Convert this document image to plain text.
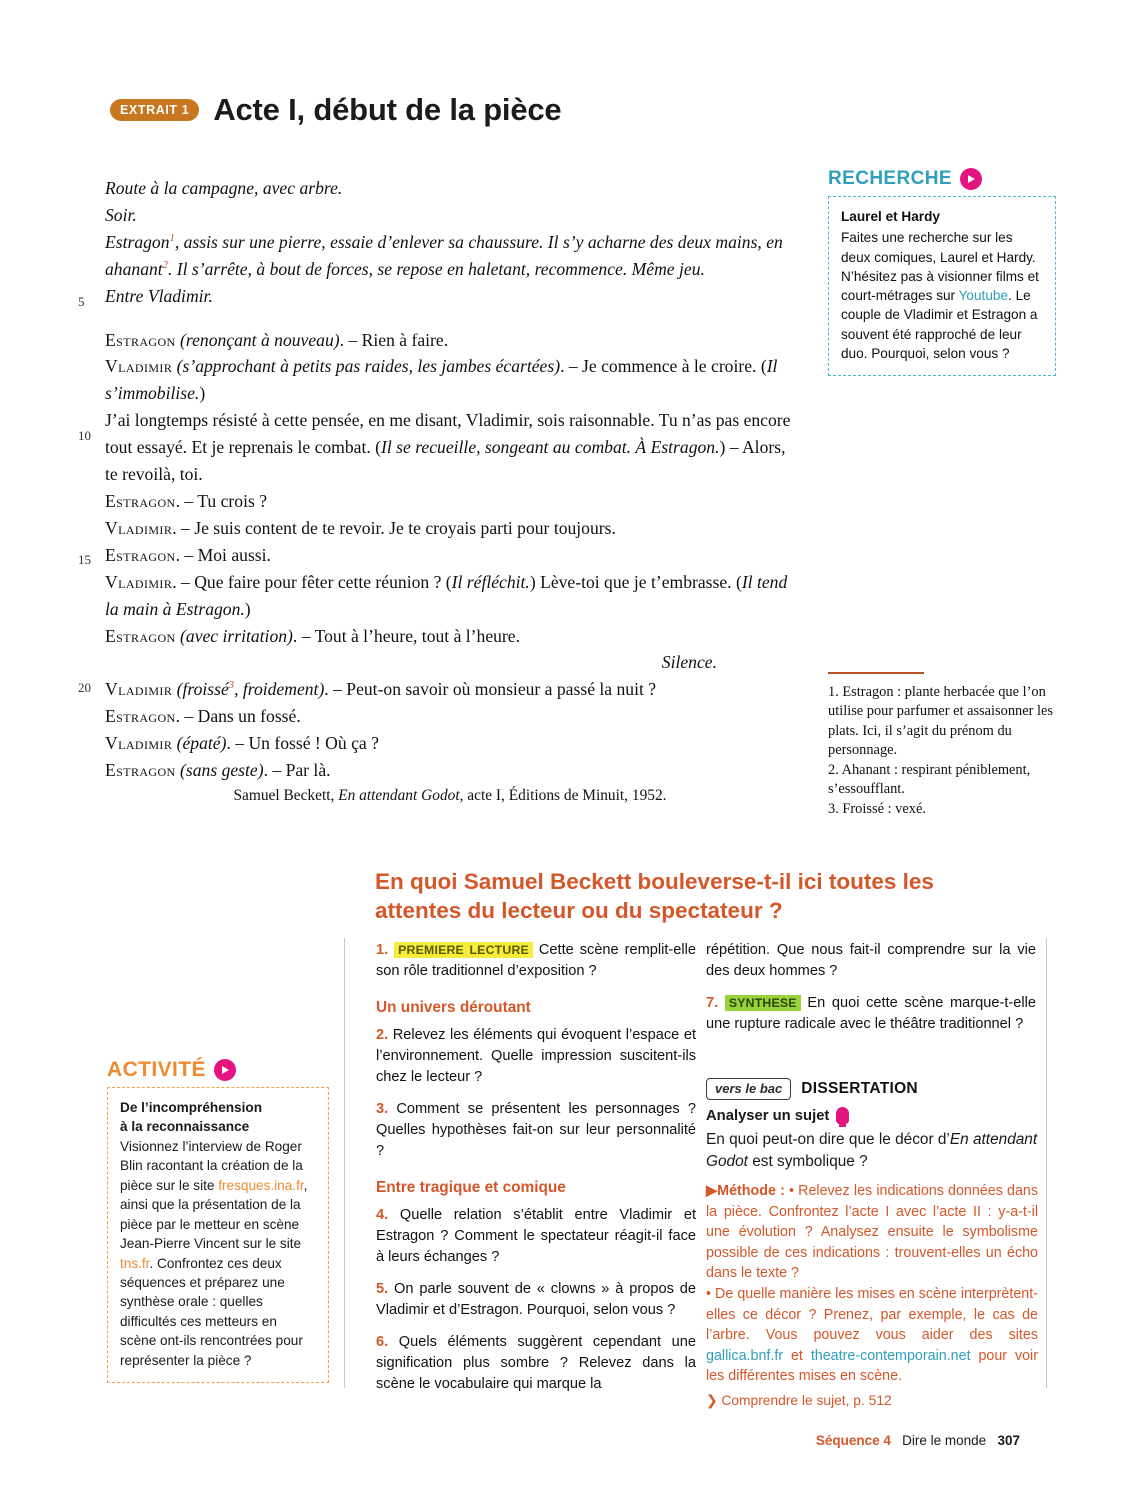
EXTRAIT 1 Acte I, début de la pièce
5
10
15
20

Route à la campagne, avec arbre.

Soir.

Estragon$^1$, assis sur une pierre, essaie d’enlever sa chaussure. Il s’y acharne des deux mains, en ahanant$^2$. Il s’arrête, à bout de forces, se repose en haletant, recommence. Même jeu.

Entre Vladimir.

Estragon (renonçant à nouveau). – Rien à faire.

Vladimir (s’approchant à petits pas raides, les jambes écartées). – Je commence à le croire. (Il s’immobilise.)

J’ai longtemps résisté à cette pensée, en me disant, Vladimir, sois raisonnable. Tu n’as pas encore tout essayé. Et je reprenais le combat. (Il se recueille, songeant au combat. À Estragon.) – Alors, te revoilà, toi.

Estragon. – Tu crois ?

Vladimir. – Je suis content de te revoir. Je te croyais parti pour toujours.

Estragon. – Moi aussi.

Vladimir. – Que faire pour fêter cette réunion ? (Il réfléchit.) Lève-toi que je t’embrasse. (Il tend la main à Estragon.)

Estragon (avec irritation). – Tout à l’heure, tout à l’heure.

Silence.

Vladimir (froissé$^3$, froidement). – Peut-on savoir où monsieur a passé la nuit ?

Estragon. – Dans un fossé.

Vladimir (épaté). – Un fossé ! Où ça ?

Estragon (sans geste). – Par là.

Samuel Beckett, En attendant Godot, acte I, Éditions de Minuit, 1952.

RECHERCHE
Laurel et Hardy
Faites une recherche sur les deux comiques, Laurel et Hardy. N’hésitez pas à visionner films et court-métrages sur Youtube. Le couple de Vladimir et Estragon a souvent été rapproché de leur duo. Pourquoi, selon vous ?
1. Estragon : plante herbacée que l’on utilise pour parfumer et assaisonner les plats. Ici, il s’agit du prénom du personnage.
2. Ahanant : respirant péniblement, s’essoufflant.
3. Froissé : vexé.
En quoi Samuel Beckett bouleverse-t-il ici toutes les attentes du lecteur ou du spectateur ?
1. PREMIERE LECTURE Cette scène remplit-elle son rôle traditionnel d’exposition ?
Un univers déroutant
2. Relevez les éléments qui évoquent l’espace et l’environnement. Quelle impression suscitent-ils chez le lecteur ?
3. Comment se présentent les personnages ? Quelles hypothèses fait-on sur leur personnalité ?
Entre tragique et comique
4. Quelle relation s’établit entre Vladimir et Estragon ? Comment le spectateur réagit-il face à leurs échanges ?
5. On parle souvent de « clowns » à propos de Vladimir et d’Estragon. Pourquoi, selon vous ?
6. Quels éléments suggèrent cependant une signification plus sombre ? Relevez dans la scène le vocabulaire qui marque la
répétition. Que nous fait-il comprendre sur la vie des deux hommes ?
7. SYNTHESE En quoi cette scène marque-t-elle une rupture radicale avec le théâtre traditionnel ?
ACTIVITÉ
De l’incompréhension
à la reconnaissance
Visionnez l’interview de Roger Blin racontant la création de la pièce sur le site fresques.ina.fr, ainsi que la présentation de la pièce par le metteur en scène Jean-Pierre Vincent sur le site tns.fr. Confrontez ces deux séquences et préparez une synthèse orale : quelles difficultés ces metteurs en scène ont-ils rencontrées pour représenter la pièce ?
vers le bac	DISSERTATION
Analyser un sujet
En quoi peut-on dire que le décor d’En attendant Godot est symbolique ?
▶Méthode : • Relevez les indications données dans la pièce. Confrontez l’acte I avec l’acte II : y-a-t-il une évolution ? Analysez ensuite le symbolisme possible de ces indications : trouvent-elles un écho dans le texte ?
• De quelle manière les mises en scène interprètent-elles ce décor ? Prenez, par exemple, le cas de l’arbre. Vous pouvez vous aider des sites gallica.bnf.fr et theatre-contemporain.net pour voir les différentes mises en scène.
❯ Comprendre le sujet, p. 512
Séquence 4 Dire le monde 307
